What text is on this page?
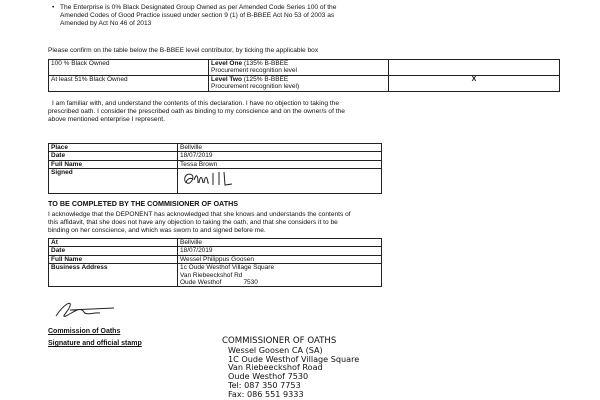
• The Enterprise is 0% Black Designated Group Owned as per Amended Code Series 100 of the
Amended Codes of Good Practice issued under section 9 (1) of B-BBEE Act No 53 of 2003 as
Amended by Act No 46 of 2013
Please confirm on the table below the B-BBEE level contributor, by ticking the applicable box
100 % Black Owned	Level One (135% B-BBEE
Procurement recognition level	
At least 51% Black Owned	Level Two (125% B-BBEE
Procurement recognition level)	X
I am familiar with, and understand the contents of this declaration. I have no objection to taking the
prescribed oath. I consider the prescribed oath as binding to my conscience and on the owner/s of the
above mentioned enterprise I represent.
Place	Bellville
Date	18/07/2019
Full Name	Tessa Brown
Signed	
TO BE COMPLETED BY THE COMMISIONER OF OATHS
I acknowledge that the DEPONENT has acknowledged that she knows and understands the contents of
this affidavit, that she does not have any objection to taking the oath, and that she considers it to be
binding on her conscience, and which was sworn to and signed before me.
At	Bellville
Date	18/07/2019
Full Name	Wessel Philippus Goosen
Business Address	1c Oude Westhof Village Square
Van Riebeeckshof Rd
Oude Westhof 7530
Commission of Oaths
Signature and official stamp	COMMISSIONER OF OATHS
Wessel Goosen CA (SA)
1C Oude Westhof Village Square
Van Riebeeckshof Road
Oude Westhof 7530
Tel: 087 350 7753
Fax: 086 551 9333
